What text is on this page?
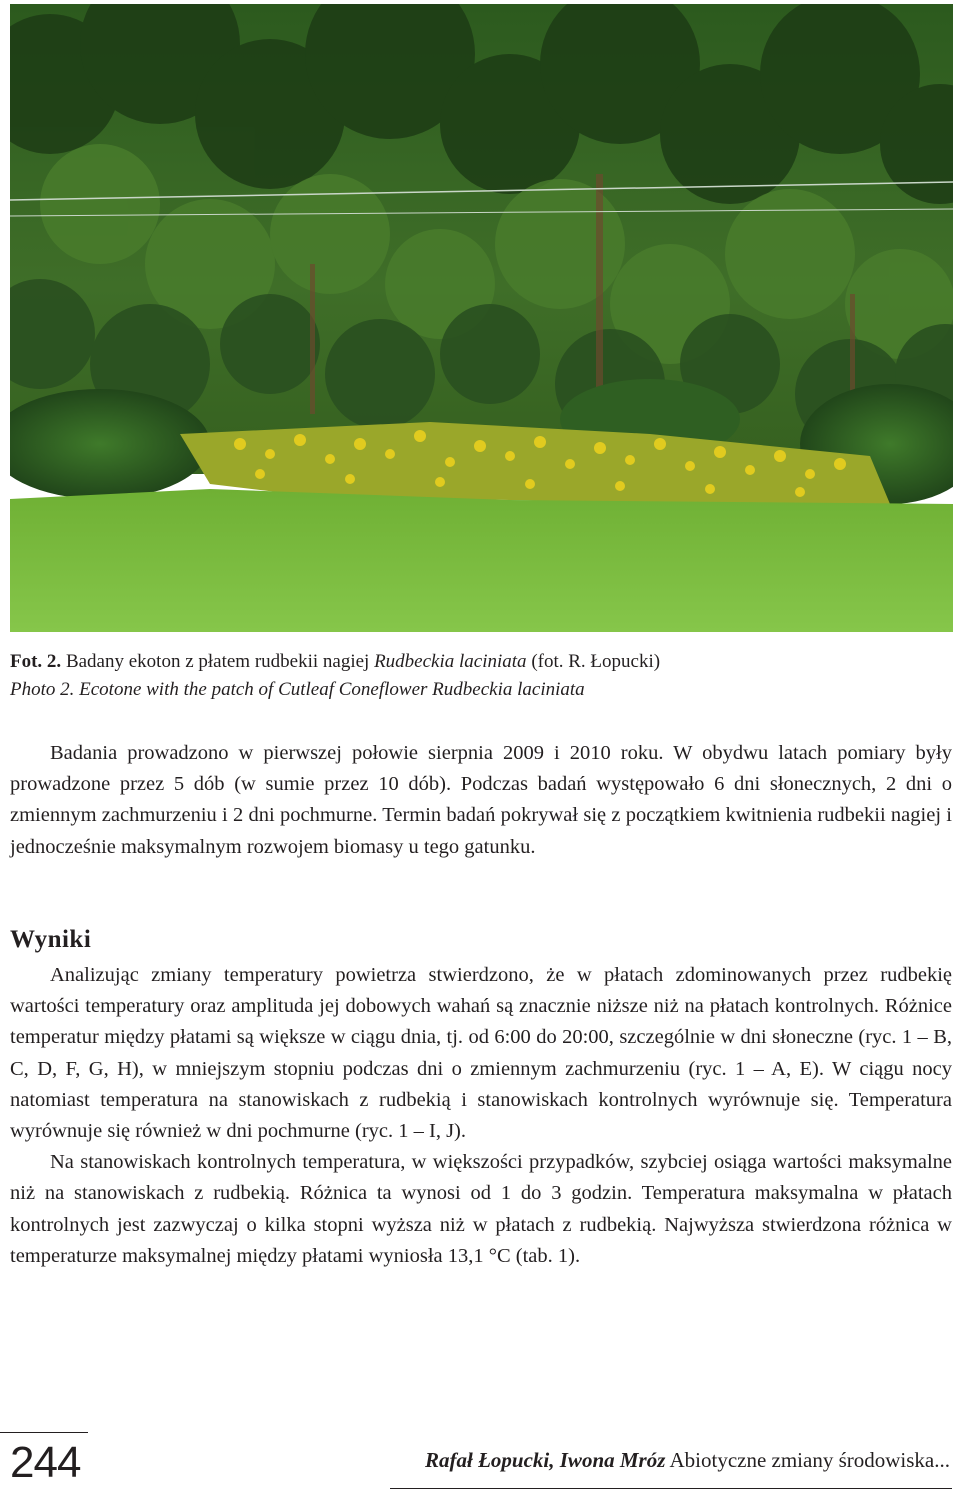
Fot. 2. Badany ekoton z płatem rudbekii nagiej Rudbeckia laciniata (fot. R. Łopucki)
Photo 2. Ecotone with the patch of Cutleaf Coneflower Rudbeckia laciniata

Badania prowadzono w pierwszej połowie sierpnia 2009 i 2010 roku. W obydwu latach pomiary były prowadzone przez 5 dób (w sumie przez 10 dób). Podczas badań występowało 6 dni słonecznych, 2 dni o zmiennym zachmurzeniu i 2 dni pochmurne. Termin badań pokrywał się z początkiem kwitnienia rudbekii nagiej i jednocześnie maksymalnym rozwojem biomasy u tego gatunku.

Wyniki

Analizując zmiany temperatury powietrza stwierdzono, że w płatach zdominowanych przez rudbekię wartości temperatury oraz amplituda jej dobowych wahań są znacznie niższe niż na płatach kontrolnych. Różnice temperatur między płatami są większe w ciągu dnia, tj. od 6:00 do 20:00, szczególnie w dni słoneczne (ryc. 1 – B, C, D, F, G, H), w mniejszym stopniu podczas dni o zmiennym zachmurzeniu (ryc. 1 – A, E). W ciągu nocy natomiast temperatura na stanowiskach z rudbekią i stanowiskach kontrolnych wyrównuje się. Temperatura wyrównuje się również w dni pochmurne (ryc. 1 – I, J).

Na stanowiskach kontrolnych temperatura, w większości przypadków, szybciej osiąga wartości maksymalne niż na stanowiskach z rudbekią. Różnica ta wynosi od 1 do 3 godzin. Temperatura maksymalna w płatach kontrolnych jest zazwyczaj o kilka stopni wyższa niż w płatach z rudbekią. Najwyższa stwierdzona różnica w temperaturze maksymalnej między płatami wyniosła 13,1 °C (tab. 1).

244	Rafał Łopucki, Iwona Mróz Abiotyczne zmiany środowiska...
